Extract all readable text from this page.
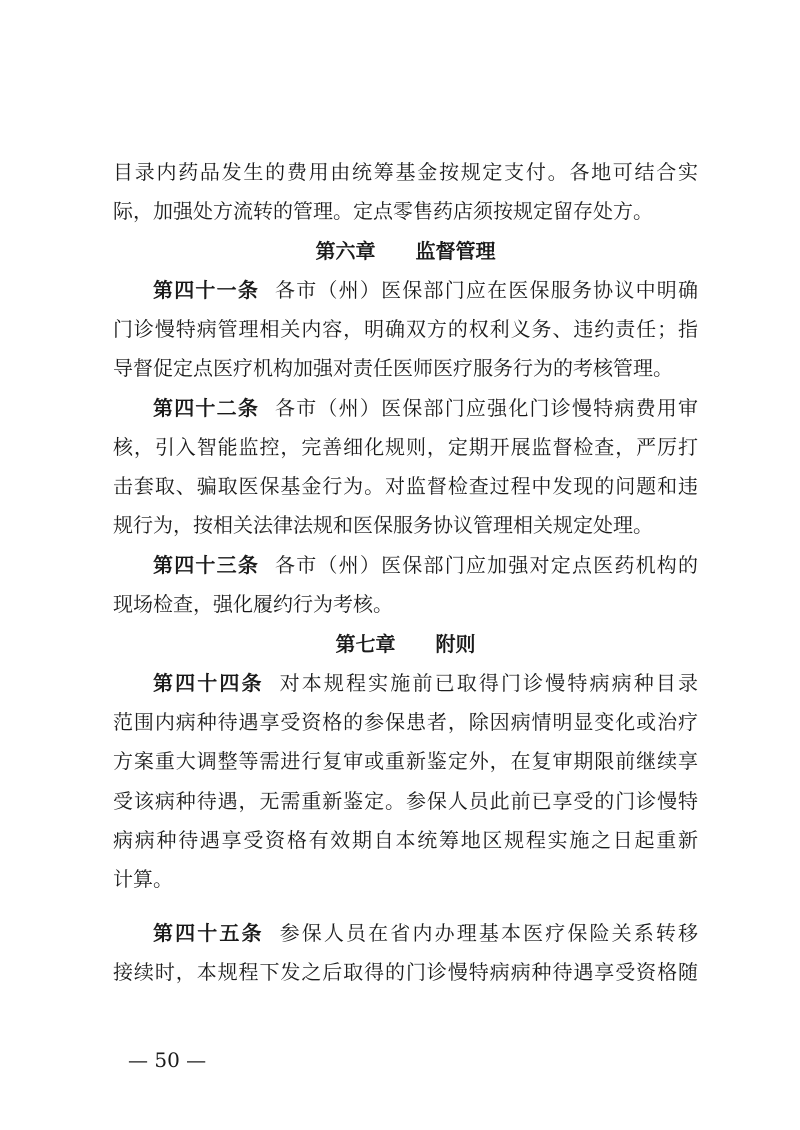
目录内药品发生的费用由统筹基金按规定支付。各地可结合实
际，加强处方流转的管理。定点零售药店须按规定留存处方。
第六章 监督管理
第四十一条 各市（州）医保部门应在医保服务协议中明确
门诊慢特病管理相关内容，明确双方的权利义务、违约责任；指
导督促定点医疗机构加强对责任医师医疗服务行为的考核管理。
第四十二条 各市（州）医保部门应强化门诊慢特病费用审
核，引入智能监控，完善细化规则，定期开展监督检查，严厉打
击套取、骗取医保基金行为。对监督检查过程中发现的问题和违
规行为，按相关法律法规和医保服务协议管理相关规定处理。
第四十三条 各市（州）医保部门应加强对定点医药机构的
现场检查，强化履约行为考核。
第七章 附则
第四十四条 对本规程实施前已取得门诊慢特病病种目录
范围内病种待遇享受资格的参保患者，除因病情明显变化或治疗
方案重大调整等需进行复审或重新鉴定外，在复审期限前继续享
受该病种待遇，无需重新鉴定。参保人员此前已享受的门诊慢特
病病种待遇享受资格有效期自本统筹地区规程实施之日起重新
计算。
第四十五条 参保人员在省内办理基本医疗保险关系转移
接续时，本规程下发之后取得的门诊慢特病病种待遇享受资格随
— 50 —
